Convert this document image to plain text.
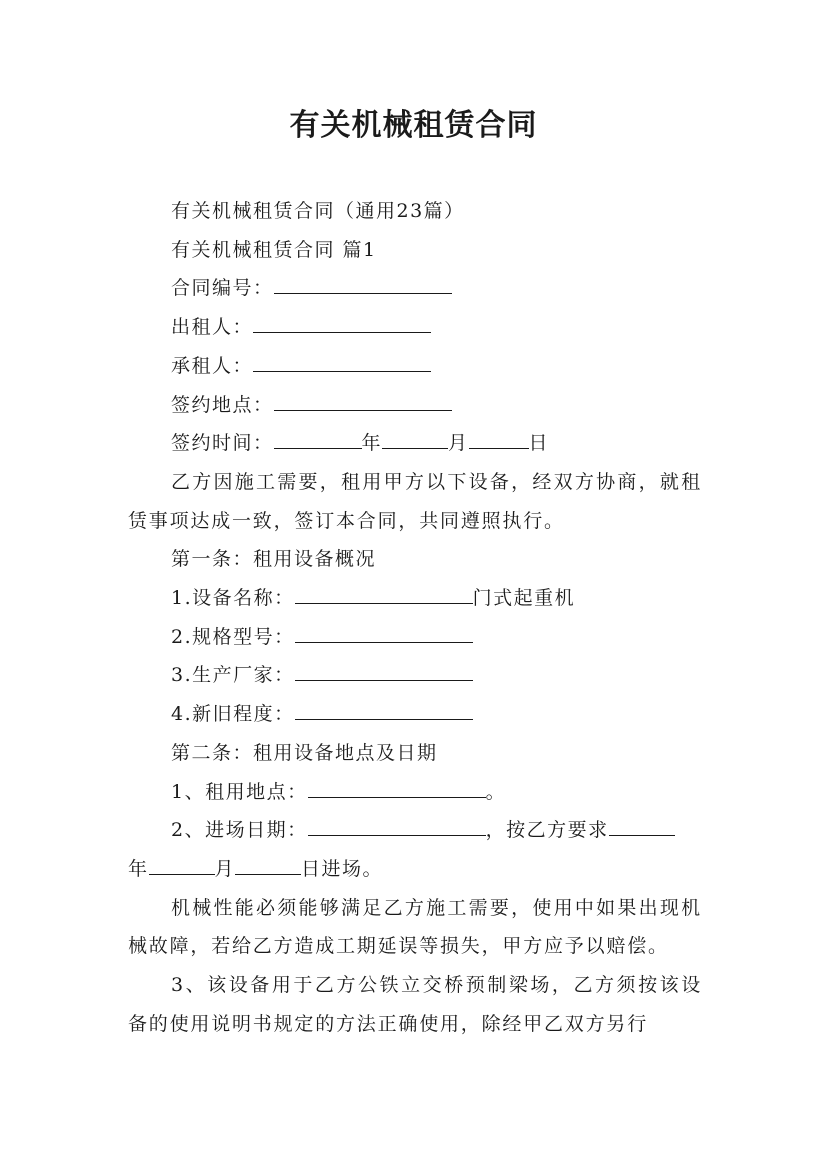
有关机械租赁合同

有关机械租赁合同（通用23篇）

有关机械租赁合同 篇1

合同编号：

出租人：

承租人：

签约地点：

签约时间：	年	月	日

乙方因施工需要，租用甲方以下设备，经双方协商，就租赁事项达成一致，签订本合同，共同遵照执行。

第一条：租用设备概况

1.设备名称：	门式起重机

2.规格型号：

3.生产厂家：

4.新旧程度：

第二条：租用设备地点及日期

1、租用地点：	。

2、进场日期：	，按乙方要求

年	月	日进场。

机械性能必须能够满足乙方施工需要，使用中如果出现机械故障，若给乙方造成工期延误等损失，甲方应予以赔偿。

3、该设备用于乙方公铁立交桥预制梁场，乙方须按该设备的使用说明书规定的方法正确使用，除经甲乙双方另行
